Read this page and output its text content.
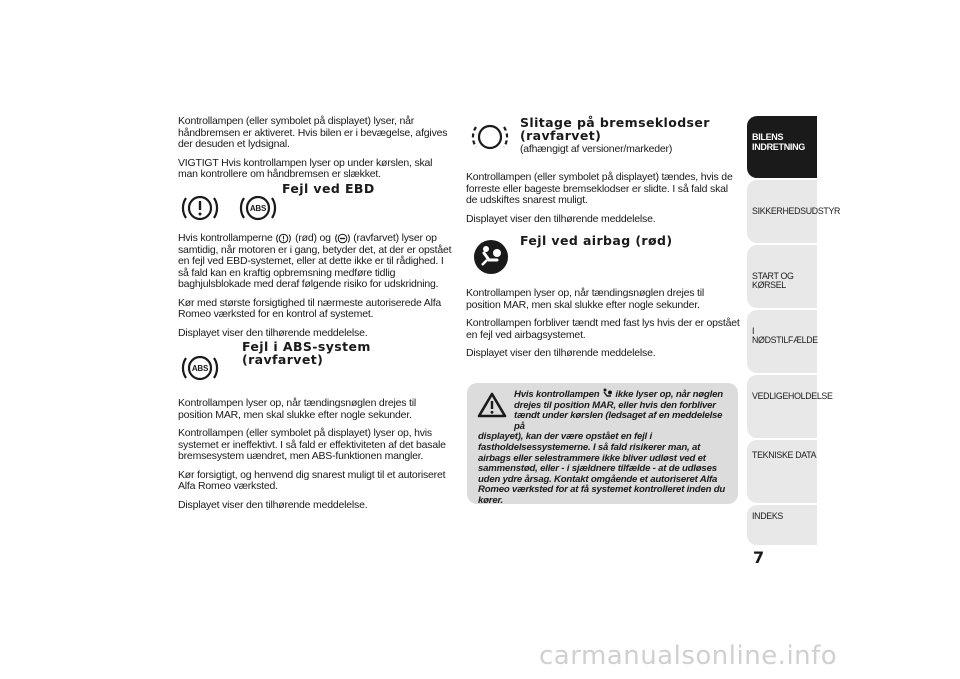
Kontrollampen (eller symbolet på displayet) lyser, når håndbremsen er aktiveret. Hvis bilen er i bevægelse, afgives der desuden et lydsignal.

VIGTIGT Hvis kontrollampen lyser op under kørslen, skal man kontrollere om håndbremsen er slækket.

ABS
Fejl ved EBD

Hvis kontrollamperne (rød) og (ravfarvet) lyser op samtidig, når motoren er i gang, betyder det, at der er opstået en fejl ved EBD-systemet, eller at dette ikke er til rådighed. I så fald kan en kraftig opbremsning medføre tidlig baghjulsblokade med deraf følgende risiko for udskridning.

Kør med største forsigtighed til nærmeste autoriserede Alfa Romeo værksted for en kontrol af systemet.

Displayet viser den tilhørende meddelelse.

ABS
Fejl i ABS-system (ravfarvet)

Kontrollampen lyser op, når tændingsnøglen drejes til position MAR, men skal slukke efter nogle sekunder.

Kontrollampen (eller symbolet på displayet) lyser op, hvis systemet er ineffektivt. I så fald er effektiviteten af det basale bremsesystem uændret, men ABS-funktionen mangler.

Kør forsigtigt, og henvend dig snarest muligt til et autoriseret Alfa Romeo værksted.

Displayet viser den tilhørende meddelelse.

Slitage på bremseklodser (ravfarvet)
(afhængigt af versioner/markeder)

Kontrollampen (eller symbolet på displayet) tændes, hvis de forreste eller bageste bremseklodser er slidte. I så fald skal de udskiftes snarest muligt.

Displayet viser den tilhørende meddelelse.

Fejl ved airbag (rød)

Kontrollampen lyser op, når tændingsnøglen drejes til position MAR, men skal slukke efter nogle sekunder.

Kontrollampen forbliver tændt med fast lys hvis der er opstået en fejl ved airbagsystemet.

Displayet viser den tilhørende meddelelse.

Hvis kontrollampen ikke lyser op, når nøglen drejes til position MAR, eller hvis den forbliver tændt under kørslen (ledsaget af en meddelelse på
displayet), kan der være opstået en fejl i fastholdelsessystemerne. I så fald risikerer man, at airbags eller selestrammere ikke bliver udløst ved et sammenstød, eller - i sjældnere tilfælde - at de udløses uden ydre årsag. Kontakt omgående et autoriseret Alfa Romeo værksted for at få systemet kontrolleret inden du kører.
BILENS
INDRETNING
SIKKERHEDSUDSTYR
START OG KØRSEL
I NØDSTILFÆLDE
VEDLIGEHOLDELSE
TEKNISKE DATA
INDEKS
7
carmanualsonline.info
